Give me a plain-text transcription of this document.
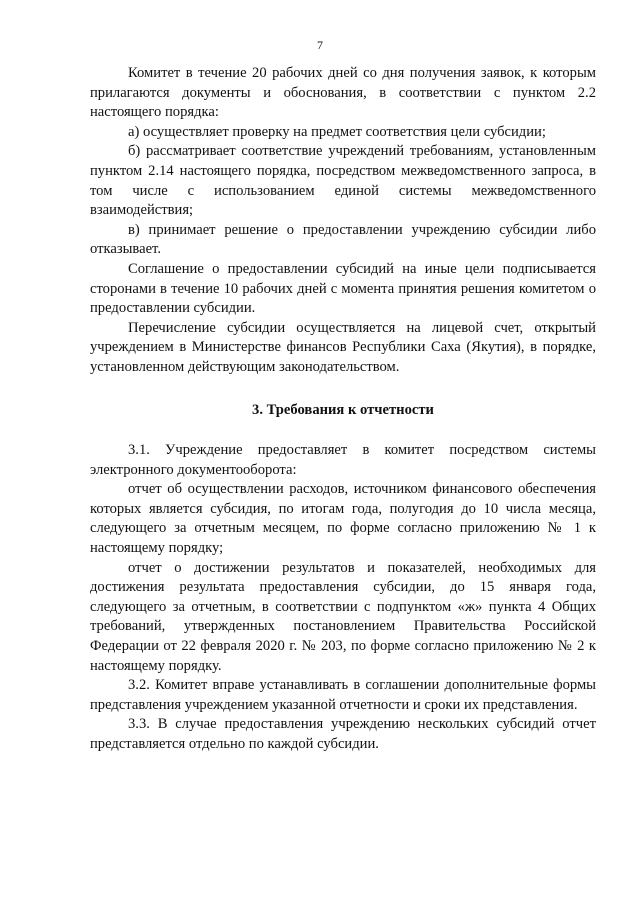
7

Комитет в течение 20 рабочих дней со дня получения заявок, к которым прилагаются документы и обоснования, в соответствии с пунктом 2.2 настоящего порядка:

а) осуществляет проверку на предмет соответствия цели субсидии;

б) рассматривает соответствие учреждений требованиям, установленным пунктом 2.14 настоящего порядка, посредством межведомственного запроса, в том числе с использованием единой системы межведомственного взаимодействия;

в) принимает решение о предоставлении учреждению субсидии либо отказывает.

Соглашение о предоставлении субсидий на иные цели подписывается сторонами в течение 10 рабочих дней с момента принятия решения комитетом о предоставлении субсидии.

Перечисление субсидии осуществляется на лицевой счет, открытый учреждением в Министерстве финансов Республики Саха (Якутия), в порядке, установленном действующим законодательством.

3. Требования к отчетности

3.1. Учреждение предоставляет в комитет посредством системы электронного документооборота:

отчет об осуществлении расходов, источником финансового обеспечения которых является субсидия, по итогам года, полугодия до 10 числа месяца, следующего за отчетным месяцем, по форме согласно приложению № 1 к настоящему порядку;

отчет о достижении результатов и показателей, необходимых для достижения результата предоставления субсидии, до 15 января года, следующего за отчетным, в соответствии с подпунктом «ж» пункта 4 Общих требований, утвержденных постановлением Правительства Российской Федерации от 22 февраля 2020 г. № 203, по форме согласно приложению № 2 к настоящему порядку.

3.2. Комитет вправе устанавливать в соглашении дополнительные формы представления учреждением указанной отчетности и сроки их представления.

3.3. В случае предоставления учреждению нескольких субсидий отчет представляется отдельно по каждой субсидии.
